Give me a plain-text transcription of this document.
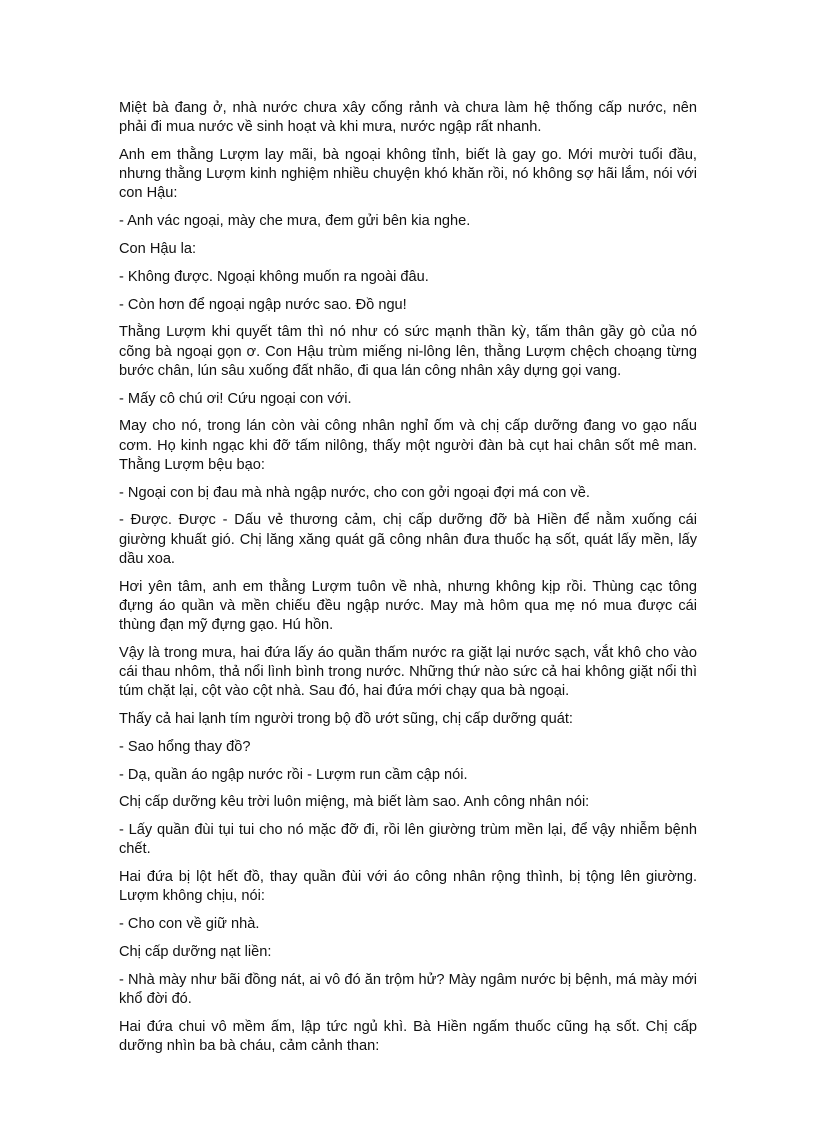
Miệt bà đang ở, nhà nước chưa xây cống rảnh và chưa làm hệ thống cấp nước, nên phải đi mua nước về sinh hoạt và khi mưa, nước ngập rất nhanh.

Anh em thằng Lượm lay mãi, bà ngoại không tỉnh, biết là gay go. Mới mười tuổi đầu, nhưng thằng Lượm kinh nghiệm nhiều chuyện khó khăn rồi, nó không sợ hãi lắm, nói với con Hậu:

- Anh vác ngoại, mày che mưa, đem gửi bên kia nghe.

Con Hậu la:

- Không được. Ngoại không muốn ra ngoài đâu.

- Còn hơn để ngoại ngập nước sao. Đồ ngu!

Thằng Lượm khi quyết tâm thì nó như có sức mạnh thần kỳ, tấm thân gầy gò của nó cõng bà ngoại gọn ơ. Con Hậu trùm miếng ni-lông lên, thằng Lượm chệch choạng từng bước chân, lún sâu xuống đất nhão, đi qua lán công nhân xây dựng gọi vang.

- Mấy cô chú ơi! Cứu ngoại con với.

May cho nó, trong lán còn vài công nhân nghỉ ốm và chị cấp dưỡng đang vo gạo nấu cơm. Họ kinh ngạc khi đỡ tấm nilông, thấy một người đàn bà cụt hai chân sốt mê man. Thằng Lượm bệu bạo:

- Ngoại con bị đau mà nhà ngập nước, cho con gởi ngoại đợi má con về.

- Được. Được - Dấu vẻ thương cảm, chị cấp dưỡng đỡ bà Hiền để nằm xuống cái giường khuất gió. Chị lăng xăng quát gã công nhân đưa thuốc hạ sốt, quát lấy mền, lấy dầu xoa.

Hơi yên tâm, anh em thằng Lượm tuôn về nhà, nhưng không kịp rồi. Thùng cạc tông đựng áo quần và mền chiếu đều ngập nước. May mà hôm qua mẹ nó mua được cái thùng đạn mỹ đựng gạo. Hú hồn.

Vậy là trong mưa, hai đứa lấy áo quần thấm nước ra giặt lại nước sạch, vắt khô cho vào cái thau nhôm, thả nổi lình bình trong nước. Những thứ nào sức cả hai không giặt nổi thì túm chặt lại, cột vào cột nhà. Sau đó, hai đứa mới chạy qua bà ngoại.

Thấy cả hai lạnh tím người trong bộ đồ ướt sũng, chị cấp dưỡng quát:

- Sao hổng thay đồ?

- Dạ, quần áo ngập nước rồi - Lượm run cầm cập nói.

Chị cấp dưỡng kêu trời luôn miệng, mà biết làm sao. Anh công nhân nói:

- Lấy quần đùi tụi tui cho nó mặc đỡ đi, rồi lên giường trùm mền lại, để vậy nhiễm bệnh chết.

Hai đứa bị lột hết đồ, thay quần đùi với áo công nhân rộng thình, bị tộng lên giường. Lượm không chịu, nói:

- Cho con về giữ nhà.

Chị cấp dưỡng nạt liền:

- Nhà mày như bãi đồng nát, ai vô đó ăn trộm hử? Mày ngâm nước bị bệnh, má mày mới khổ đời đó.

Hai đứa chui vô mềm ấm, lập tức ngủ khì. Bà Hiền ngấm thuốc cũng hạ sốt. Chị cấp dưỡng nhìn ba bà cháu, cảm cảnh than:
